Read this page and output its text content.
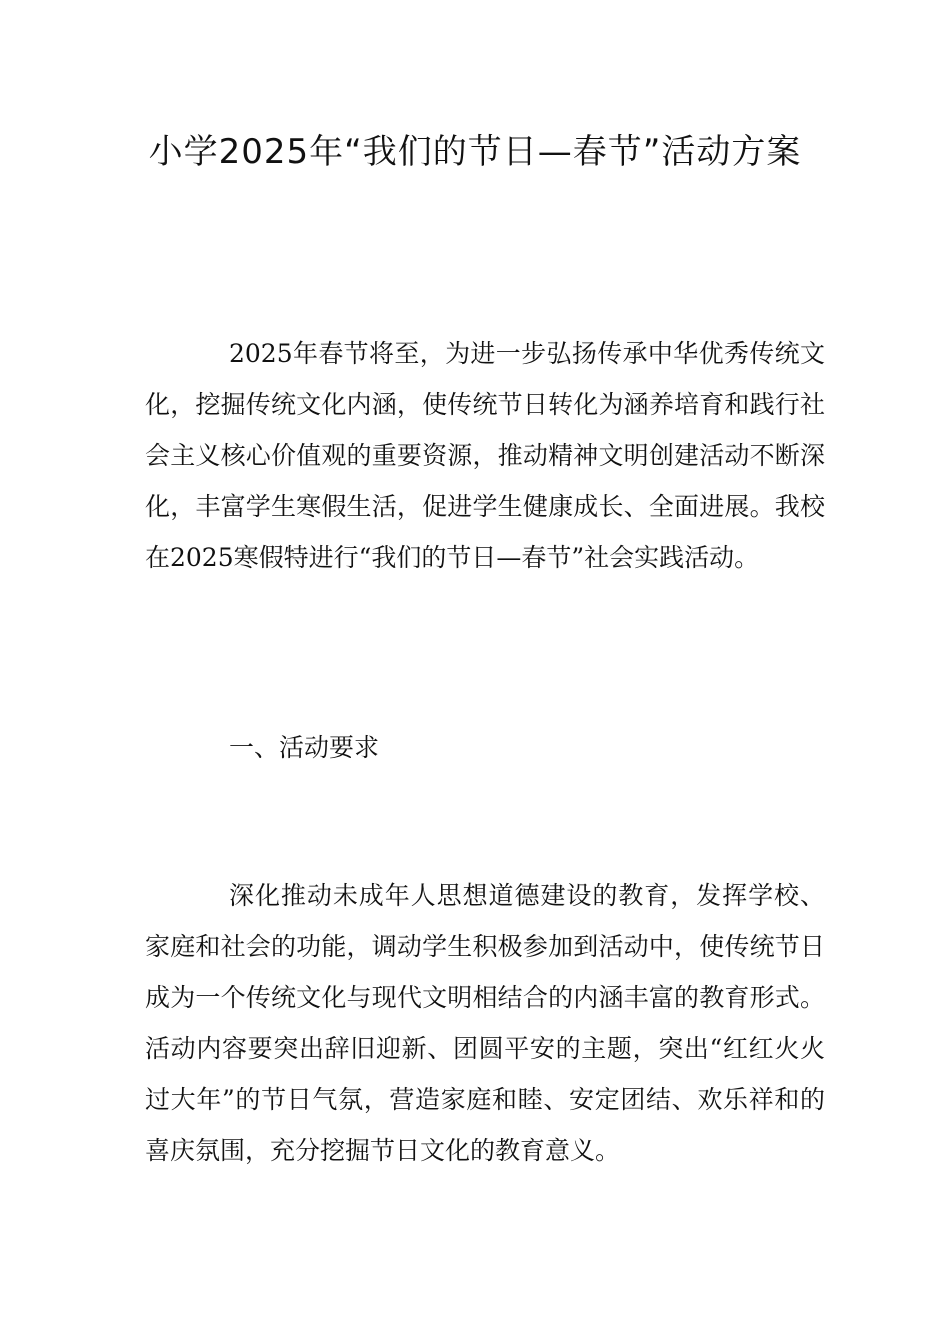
小学2025年“我们的节日—春节”活动方案

2025年春节将至，为进一步弘扬传承中华优秀传统文化，挖掘传统文化内涵，使传统节日转化为涵养培育和践行社会主义核心价值观的重要资源，推动精神文明创建活动不断深化，丰富学生寒假生活，促进学生健康成长、全面进展。我校在2025寒假特进行“我们的节日—春节”社会实践活动。

一、活动要求

深化推动未成年人思想道德建设的教育，发挥学校、家庭和社会的功能，调动学生积极参加到活动中，使传统节日成为一个传统文化与现代文明相结合的内涵丰富的教育形式。活动内容要突出辞旧迎新、团圆平安的主题，突出“红红火火过大年”的节日气氛，营造家庭和睦、安定团结、欢乐祥和的喜庆氛围，充分挖掘节日文化的教育意义。
